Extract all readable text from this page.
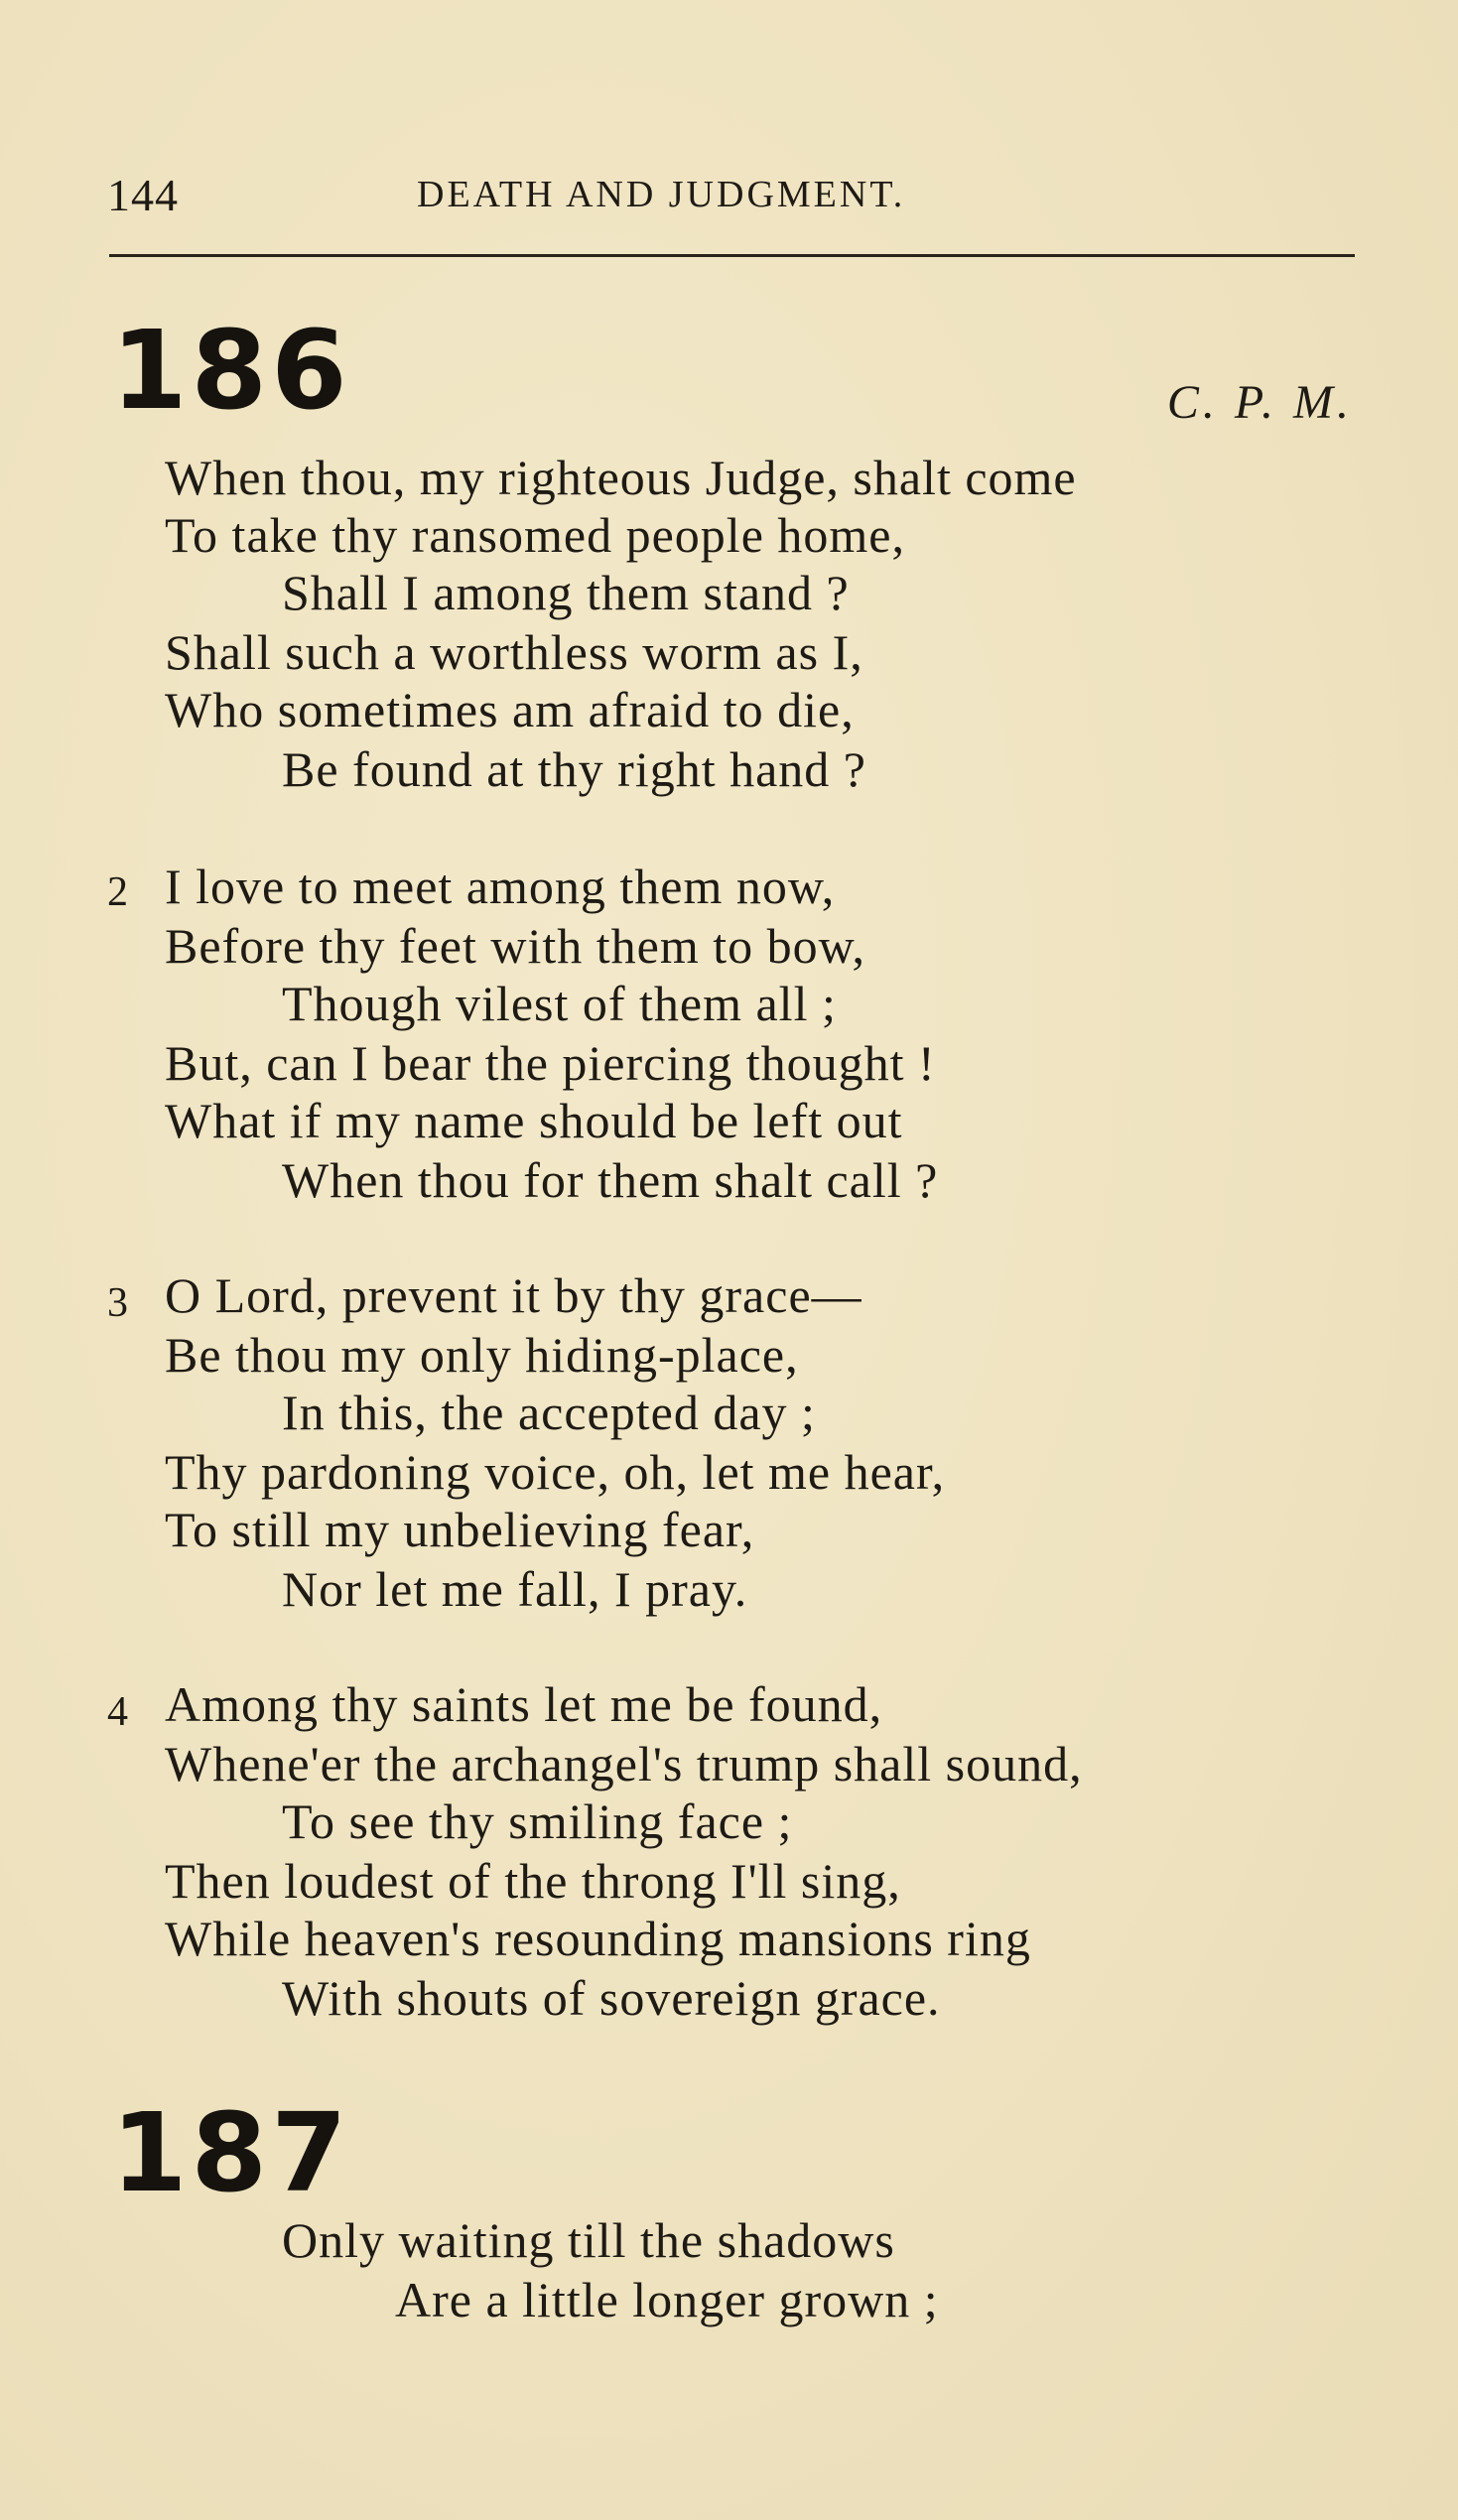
144	DEATH AND JUDGMENT.
186	C. P. M.
When thou, my righteous Judge, shalt come
To take thy ransomed people home,
Shall I among them stand ?
Shall such a worthless worm as I,
Who sometimes am afraid to die,
Be found at thy right hand ?
2 I love to meet among them now,
Before thy feet with them to bow,
Though vilest of them all ;
But, can I bear the piercing thought !
What if my name should be left out
When thou for them shalt call ?
3 O Lord, prevent it by thy grace—
Be thou my only hiding-place,
In this, the accepted day ;
Thy pardoning voice, oh, let me hear,
To still my unbelieving fear,
Nor let me fall, I pray.
4 Among thy saints let me be found,
Whene'er the archangel's trump shall sound,
To see thy smiling face ;
Then loudest of the throng I'll sing,
While heaven's resounding mansions ring
With shouts of sovereign grace.
187
Only waiting till the shadows
Are a little longer grown ;
